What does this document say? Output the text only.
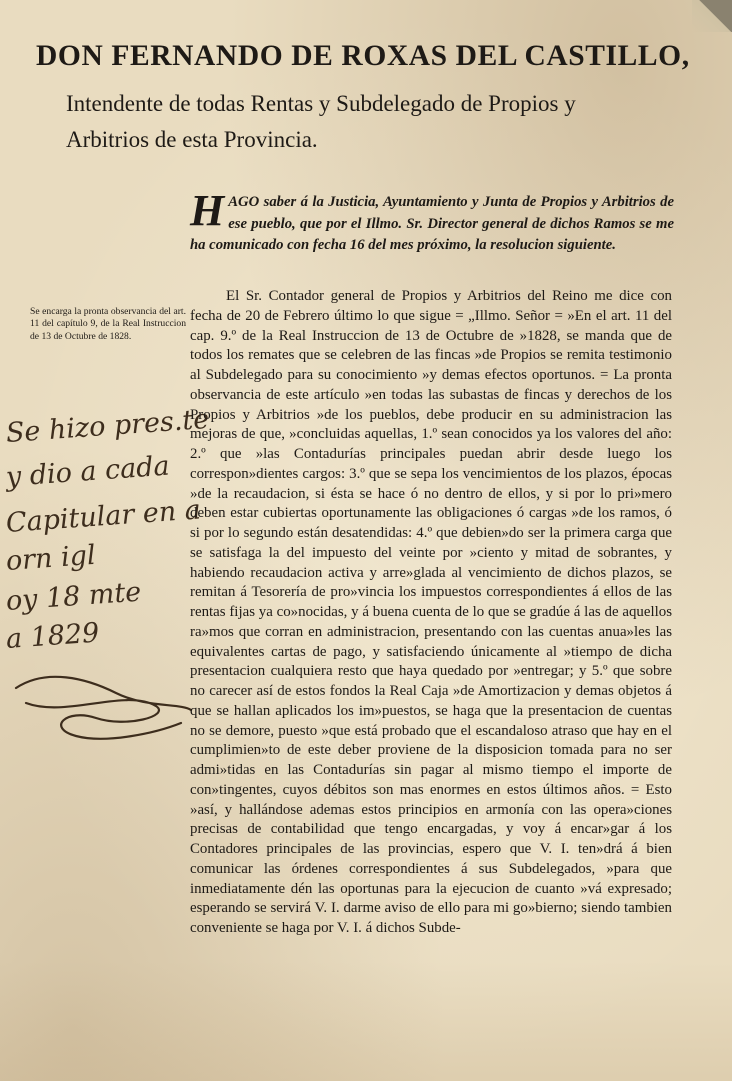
DON FERNANDO DE ROXAS DEL CASTILLO,
Intendente de todas Rentas y Subdelegado de Propios y
Arbitrios de esta Provincia.
HAGO saber á la Justicia, Ayuntamiento y Junta de Propios y Arbitrios de ese pueblo, que por el Illmo. Sr. Director general de dichos Ramos se me ha comunicado con fecha 16 del mes próximo, la resolucion siguiente.
Se encarga la pronta observancia del art. 11 del capítulo 9, de la Real Instruccion de 13 de Octubre de 1828.
Se hizo pres.te
y dio a cada
Capitular en a
orn igl
oy 18 mte
a 1829

El Sr. Contador general de Propios y Arbitrios del Reino me dice con fecha de 20 de Febrero último lo que sigue = „Illmo. Señor = »En el art. 11 del cap. 9.º de la Real Instruccion de 13 de Octubre de »1828, se manda que de todos los remates que se celebren de las fincas »de Propios se remita testimonio al Subdelegado para su conocimiento »y demas efectos oportunos. = La pronta observancia de este artículo »en todas las subastas de fincas y derechos de los Propios y Arbitrios »de los pueblos, debe producir en su administracion las mejoras de que, »concluidas aquellas, 1.º sean conocidos ya los valores del año: 2.º que »las Contadurías principales puedan abrir desde luego los correspon»dientes cargos: 3.º que se sepa los vencimientos de los plazos, épocas »de la recaudacion, si ésta se hace ó no dentro de ellos, y si por lo pri»mero deben estar cubiertas oportunamente las obligaciones ó cargas »de los ramos, ó si por lo segundo están desatendidas: 4.º que debien»do ser la primera carga que se satisfaga la del impuesto del veinte por »ciento y mitad de sobrantes, y habiendo recaudacion activa y arre»glada al vencimiento de dichos plazos, se remitan á Tesorería de pro»vincia los impuestos correspondientes á ellos de las rentas fijas ya co»nocidas, y á buena cuenta de lo que se gradúe á las de aquellos ra»mos que corran en administracion, presentando con las cuentas anua»les las equivalentes cartas de pago, y satisfaciendo únicamente al »tiempo de dicha presentacion cualquiera resto que haya quedado por »entregar; y 5.º que sobre no carecer así de estos fondos la Real Caja »de Amortizacion y demas objetos á que se hallan aplicados los im»puestos, se haga que la presentacion de cuentas no se demore, puesto »que está probado que el escandaloso atraso que hay en el cumplimien»to de este deber proviene de la disposicion tomada para no ser admi»tidas en las Contadurías sin pagar al mismo tiempo el importe de con»tingentes, cuyos débitos son mas enormes en estos últimos años. = Esto »así, y hallándose ademas estos principios en armonía con las opera»ciones precisas de contabilidad que tengo encargadas, y voy á encar»gar á los Contadores principales de las provincias, espero que V. I. ten»drá á bien comunicar las órdenes correspondientes á sus Subdelegados, »para que inmediatamente dén las oportunas para la ejecucion de cuanto »vá expresado; esperando se servirá V. I. darme aviso de ello para mi go»bierno; siendo tambien conveniente se haga por V. I. á dichos Subde-
